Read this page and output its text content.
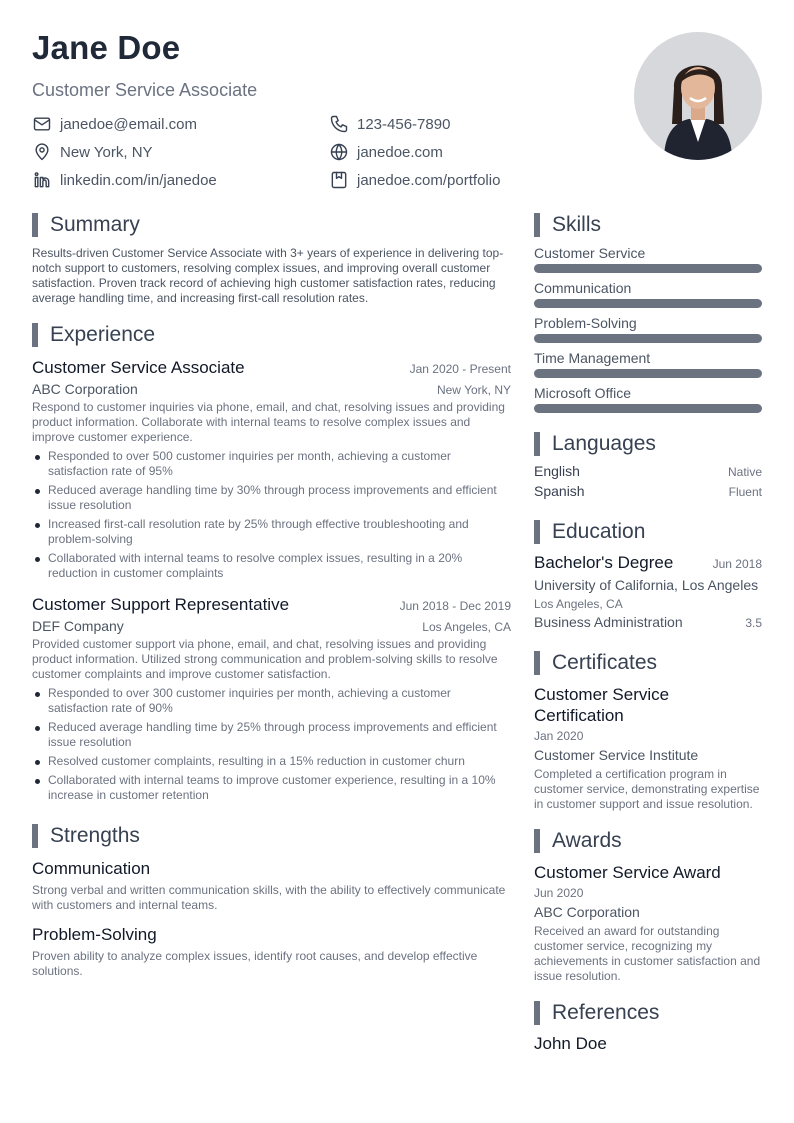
Jane Doe
Customer Service Associate
janedoe@email.com	123-456-7890
New York, NY	janedoe.com
linkedin.com/in/janedoe	janedoe.com/portfolio
Summary
Results-driven Customer Service Associate with 3+ years of experience in delivering top-notch support to customers, resolving complex issues, and improving overall customer satisfaction. Proven track record of achieving high customer satisfaction rates, reducing average handling time, and increasing first-call resolution rates.
Experience
Customer Service Associate	Jan 2020 - Present
ABC Corporation	New York, NY
Respond to customer inquiries via phone, email, and chat, resolving issues and providing product information. Collaborate with internal teams to resolve complex issues and improve customer experience.
Responded to over 500 customer inquiries per month, achieving a customer satisfaction rate of 95%
Reduced average handling time by 30% through process improvements and efficient issue resolution
Increased first-call resolution rate by 25% through effective troubleshooting and problem-solving
Collaborated with internal teams to resolve complex issues, resulting in a 20% reduction in customer complaints
Customer Support Representative	Jun 2018 - Dec 2019
DEF Company	Los Angeles, CA
Provided customer support via phone, email, and chat, resolving issues and providing product information. Utilized strong communication and problem-solving skills to resolve customer complaints and improve customer satisfaction.
Responded to over 300 customer inquiries per month, achieving a customer satisfaction rate of 90%
Reduced average handling time by 25% through process improvements and efficient issue resolution
Resolved customer complaints, resulting in a 15% reduction in customer churn
Collaborated with internal teams to improve customer experience, resulting in a 10% increase in customer retention
Strengths
Communication
Strong verbal and written communication skills, with the ability to effectively communicate with customers and internal teams.
Problem-Solving
Proven ability to analyze complex issues, identify root causes, and develop effective solutions.
Skills
Customer Service
Communication
Problem-Solving
Time Management
Microsoft Office
Languages
English	Native
Spanish	Fluent
Education
Bachelor's Degree	Jun 2018
University of California, Los Angeles
Los Angeles, CA
Business Administration	3.5
Certificates
Customer Service Certification
Jan 2020
Customer Service Institute
Completed a certification program in customer service, demonstrating expertise in customer support and issue resolution.
Awards
Customer Service Award
Jun 2020
ABC Corporation
Received an award for outstanding customer service, recognizing my achievements in customer satisfaction and issue resolution.
References
John Doe
